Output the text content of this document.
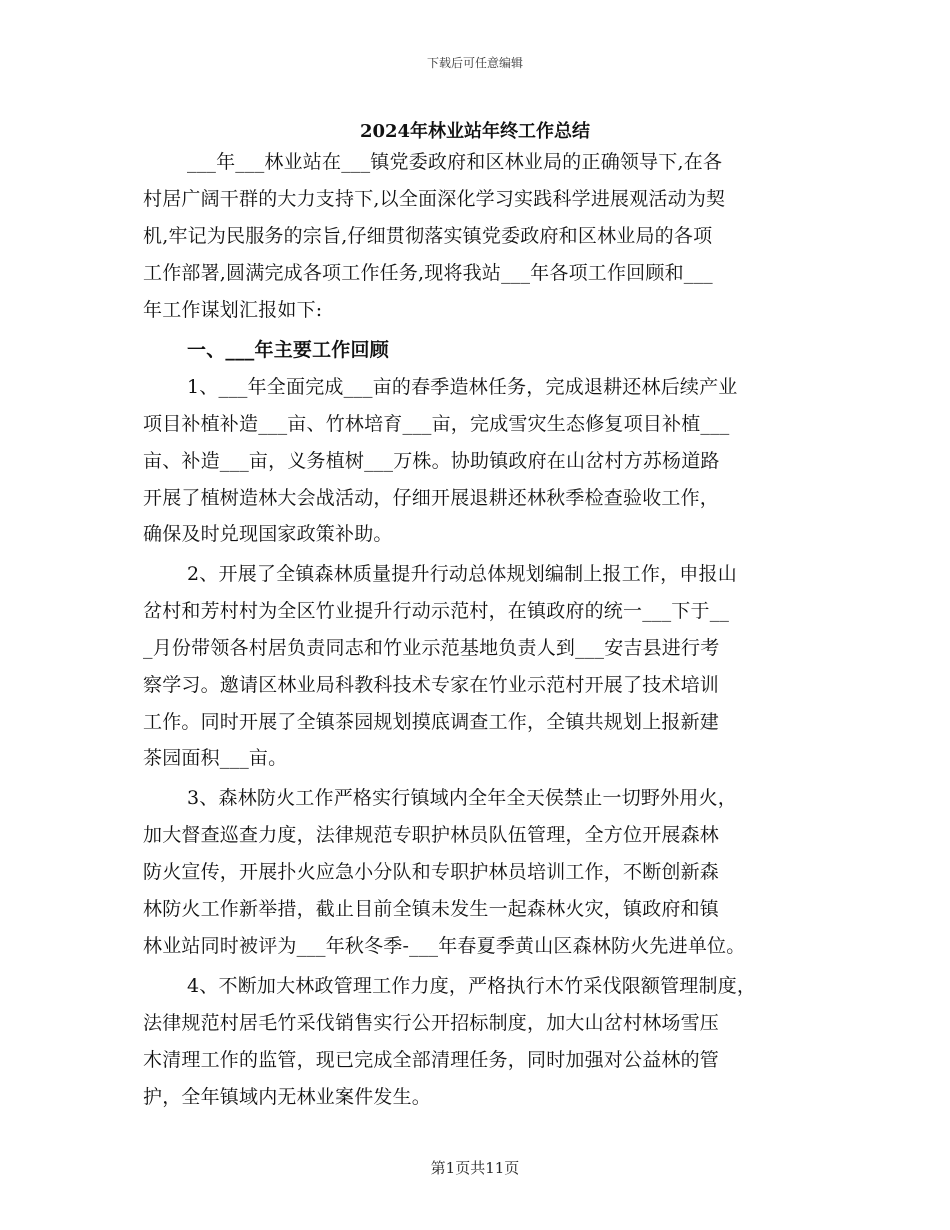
下载后可任意编辑
2024年林业站年终工作总结
___年___林业站在___镇党委政府和区林业局的正确领导下,在各
村居广阔干群的大力支持下,以全面深化学习实践科学进展观活动为契
机,牢记为民服务的宗旨,仔细贯彻落实镇党委政府和区林业局的各项
工作部署,圆满完成各项工作任务,现将我站___年各项工作回顾和___
年工作谋划汇报如下:
一、___年主要工作回顾
1、___年全面完成___亩的春季造林任务，完成退耕还林后续产业
项目补植补造___亩、竹林培育___亩，完成雪灾生态修复项目补植___
亩、补造___亩，义务植树___万株。协助镇政府在山岔村方苏杨道路
开展了植树造林大会战活动，仔细开展退耕还林秋季检查验收工作，
确保及时兑现国家政策补助。
2、开展了全镇森林质量提升行动总体规划编制上报工作，申报山
岔村和芳村村为全区竹业提升行动示范村，在镇政府的统一___下于__
_月份带领各村居负责同志和竹业示范基地负责人到___安吉县进行考
察学习。邀请区林业局科教科技术专家在竹业示范村开展了技术培训
工作。同时开展了全镇茶园规划摸底调查工作，全镇共规划上报新建
茶园面积___亩。
3、森林防火工作严格实行镇域内全年全天侯禁止一切野外用火，
加大督查巡查力度，法律规范专职护林员队伍管理，全方位开展森林
防火宣传，开展扑火应急小分队和专职护林员培训工作，不断创新森
林防火工作新举措，截止目前全镇未发生一起森林火灾，镇政府和镇
林业站同时被评为___年秋冬季-___年春夏季黄山区森林防火先进单位。
4、不断加大林政管理工作力度，严格执行木竹采伐限额管理制度，
法律规范村居毛竹采伐销售实行公开招标制度，加大山岔村林场雪压
木清理工作的监管，现已完成全部清理任务，同时加强对公益林的管
护，全年镇域内无林业案件发生。
第1页共11页
